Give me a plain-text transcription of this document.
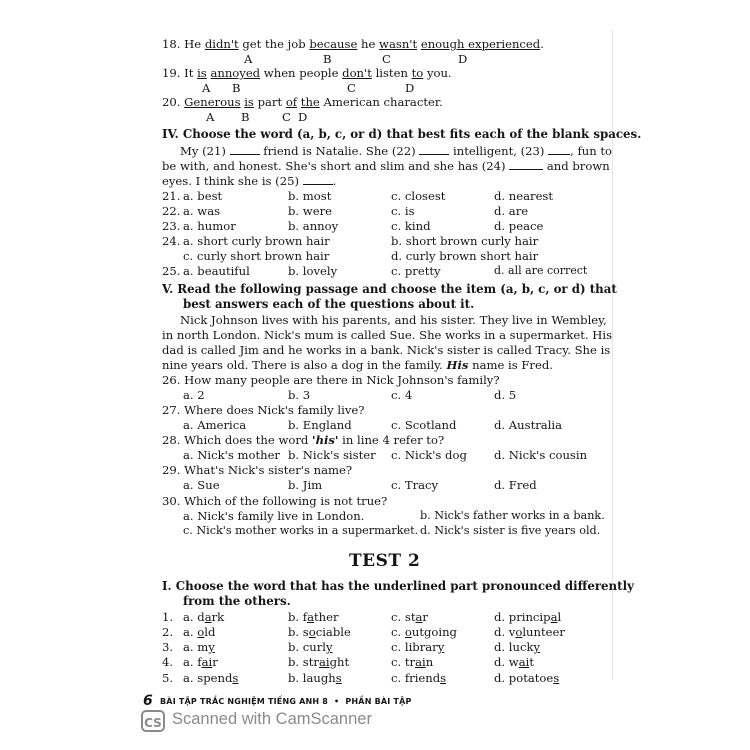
18. He didn't get the job because he wasn't enough experienced.
A	B	C	D
19. It is annoyed when people don't listen to you.
A B	C	D
20. Generous is part of the American character.
A B	C D
IV. Choose the word (a, b, c, or d) that best fits each of the blank spaces.
My (21)	friend is Natalie. She (22)	intelligent, (23) , fun to
be with, and honest. She's short and slim and she has (24)	and brown
eyes. I think she is (25)	.
21. a. best	b. most	c. closest	d. nearest
22. a. was	b. were	c. is	d. are
23. a. humor	b. annoy	c. kind	d. peace
24. a. short curly brown hair	b. short brown curly hair
c. curly short brown hair	d. curly brown short hair
25. a. beautiful	b. lovely	c. pretty	d. all are correct
V. Read the following passage and choose the item (a, b, c, or d) that
best answers each of the questions about it.
Nick Johnson lives with his parents, and his sister. They live in Wembley,
in north London. Nick's mum is called Sue. She works in a supermarket. His
dad is called Jim and he works in a bank. Nick's sister is called Tracy. She is
nine years old. There is also a dog in the family. His name is Fred.
26. How many people are there in Nick Johnson's family?
a. 2	b. 3	c. 4	d. 5
27. Where does Nick's family live?
a. America	b. England	c. Scotland	d. Australia
28. Which does the word 'his' in line 4 refer to?
a. Nick's mother b. Nick's sister c. Nick's dog d. Nick's cousin
29. What's Nick's sister's name?
a. Sue	b. Jim	c. Tracy	d. Fred
30. Which of the following is not true?
a. Nick's family live in London.	b. Nick's father works in a bank.
c. Nick's mother works in a supermarket. d. Nick's sister is five years old.
TEST 2
I. Choose the word that has the underlined part pronounced differently
from the others.
1. a. dark	b. father	c. star	d. principal
2. a. old	b. sociable	c. outgoing	d. volunteer
3. a. my	b. curly	c. library	d. lucky
4. a. fair	b. straight	c. train	d. wait
5. a. spends	b. laughs	c. friends	d. potatoes
6 BÀI TẬP TRẮC NGHIỆM TIẾNG ANH 8 • PHẦN BÀI TẬP
CS Scanned with CamScanner
